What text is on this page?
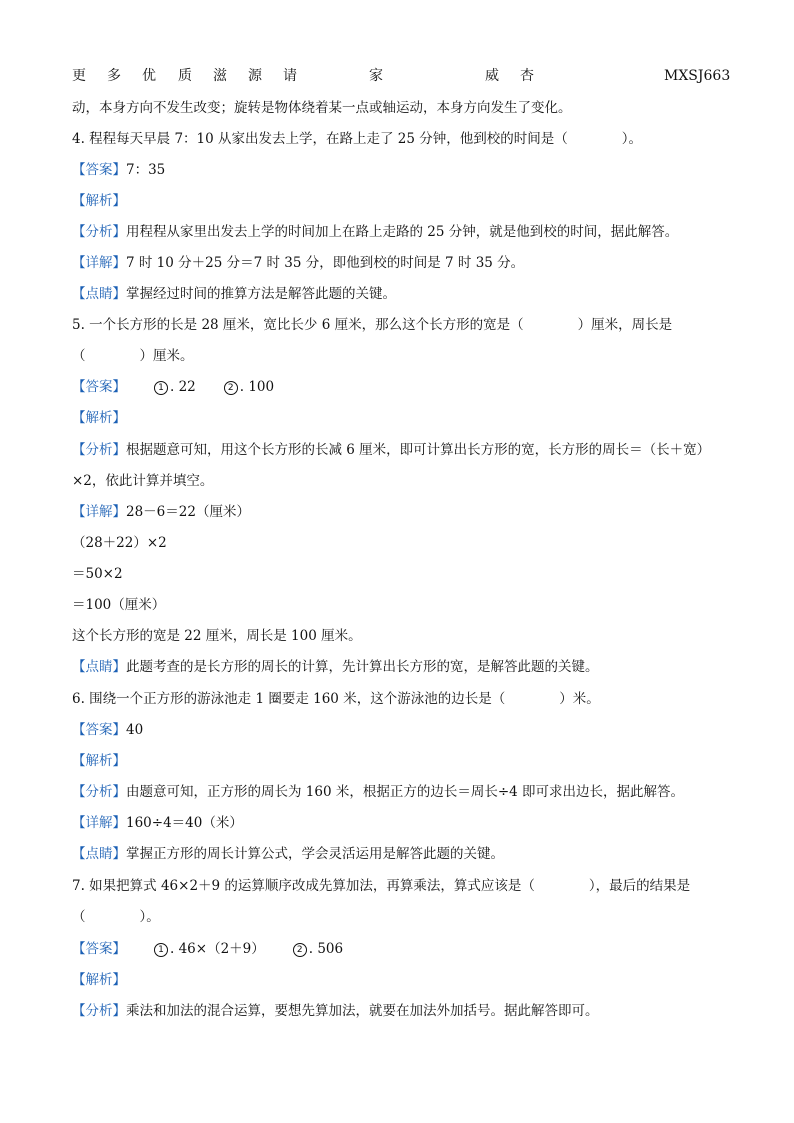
更 多 优 质 滋 源 请	家	威 杏	MXSJ663
动，本身方向不发生改变；旋转是物体绕着某一点或轴运动，本身方向发生了变化。
4. 程程每天早晨 7：10 从家出发去上学，在路上走了 25 分钟，他到校的时间是（　　　　）。
【答案】7：35
【解析】
【分析】用程程从家里出发去上学的时间加上在路上走路的 25 分钟，就是他到校的时间，据此解答。
【详解】7 时 10 分＋25 分＝7 时 35 分，即他到校的时间是 7 时 35 分。
【点睛】掌握经过时间的推算方法是解答此题的关键。
5. 一个长方形的长是 28 厘米，宽比长少 6 厘米，那么这个长方形的宽是（　　　　）厘米，周长是
（　　　　）厘米。
【答案】	1 . 22	2 . 100
【解析】
【分析】根据题意可知，用这个长方形的长减 6 厘米，即可计算出长方形的宽，长方形的周长＝（长＋宽）
×2，依此计算并填空。
【详解】28－6＝22（厘米）
（28＋22）×2
＝50×2
＝100（厘米）
这个长方形的宽是 22 厘米，周长是 100 厘米。
【点睛】此题考查的是长方形的周长的计算，先计算出长方形的宽，是解答此题的关键。
6. 围绕一个正方形的游泳池走 1 圈要走 160 米，这个游泳池的边长是（　　　　）米。
【答案】40
【解析】
【分析】由题意可知，正方形的周长为 160 米，根据正方的边长＝周长÷4 即可求出边长，据此解答。
【详解】160÷4＝40（米）
【点睛】掌握正方形的周长计算公式，学会灵活运用是解答此题的关键。
7. 如果把算式 46×2＋9 的运算顺序改成先算加法，再算乘法，算式应该是（　　　　），最后的结果是
（　　　　）。
【答案】	1 . 46×（2＋9）	2 . 506
【解析】
【分析】乘法和加法的混合运算，要想先算加法，就要在加法外加括号。据此解答即可。
